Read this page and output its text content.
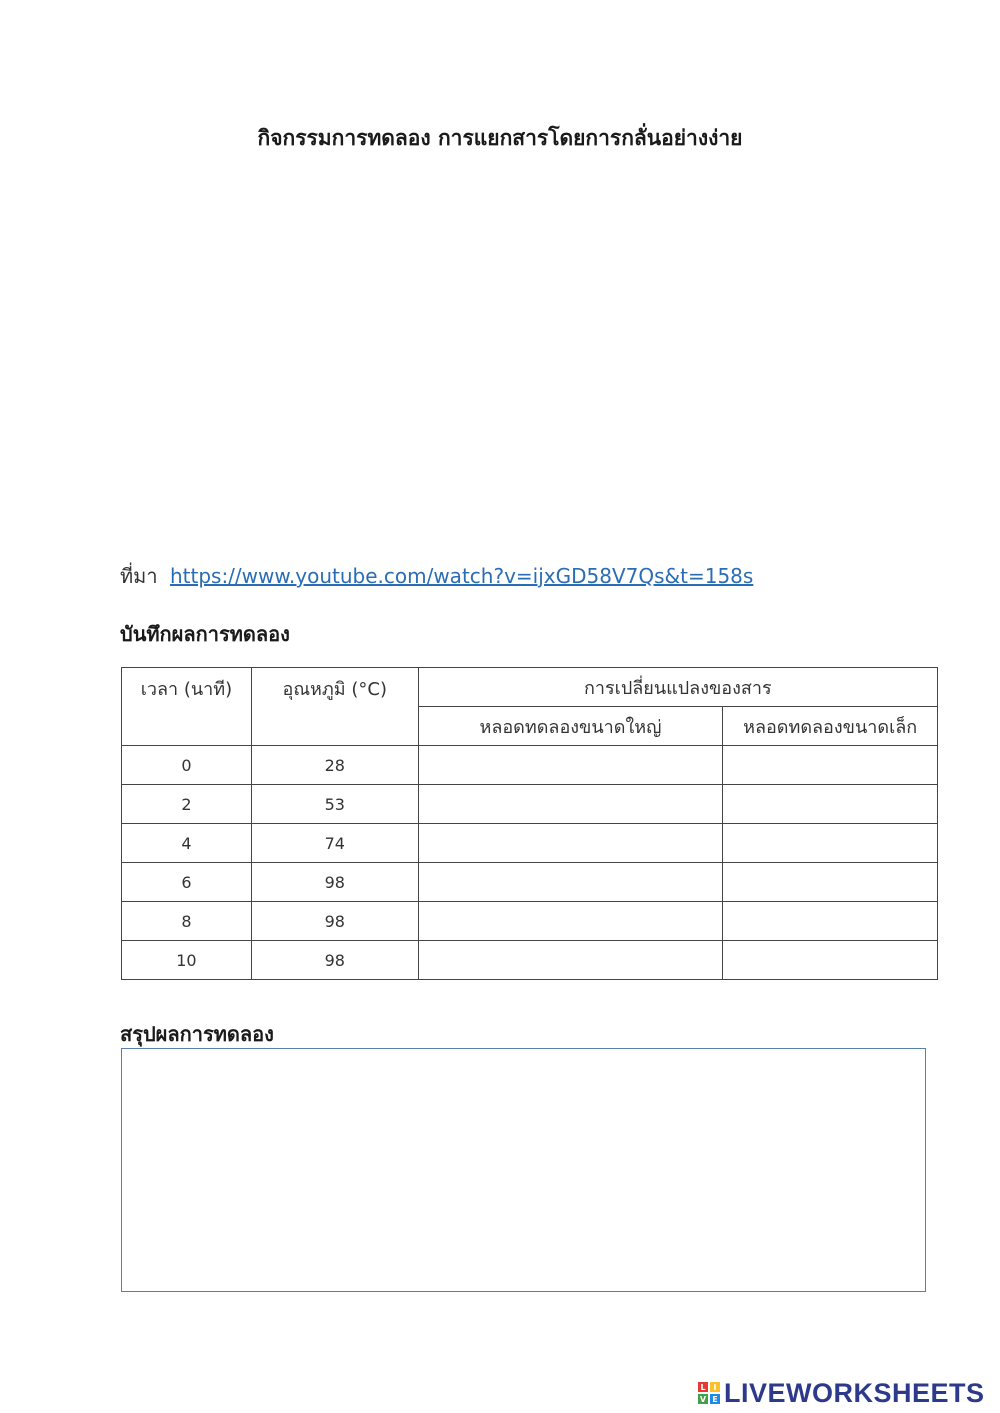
กิจกรรมการทดลอง การแยกสารโดยการกลั่นอย่างง่าย
ที่มา https://www.youtube.com/watch?v=ijxGD58V7Qs&t=158s
บันทึกผลการทดลอง
เวลา (นาที)	อุณหภูมิ (°C)	การเปลี่ยนแปลงของสาร	
		หลอดทดลองขนาดใหญ่	หลอดทดลองขนาดเล็ก
0	28		
2	53		
4	74		
6	98		
8	98		
10	98		
สรุปผลการทดลอง
L I
V E LIVEWORKSHEETS
